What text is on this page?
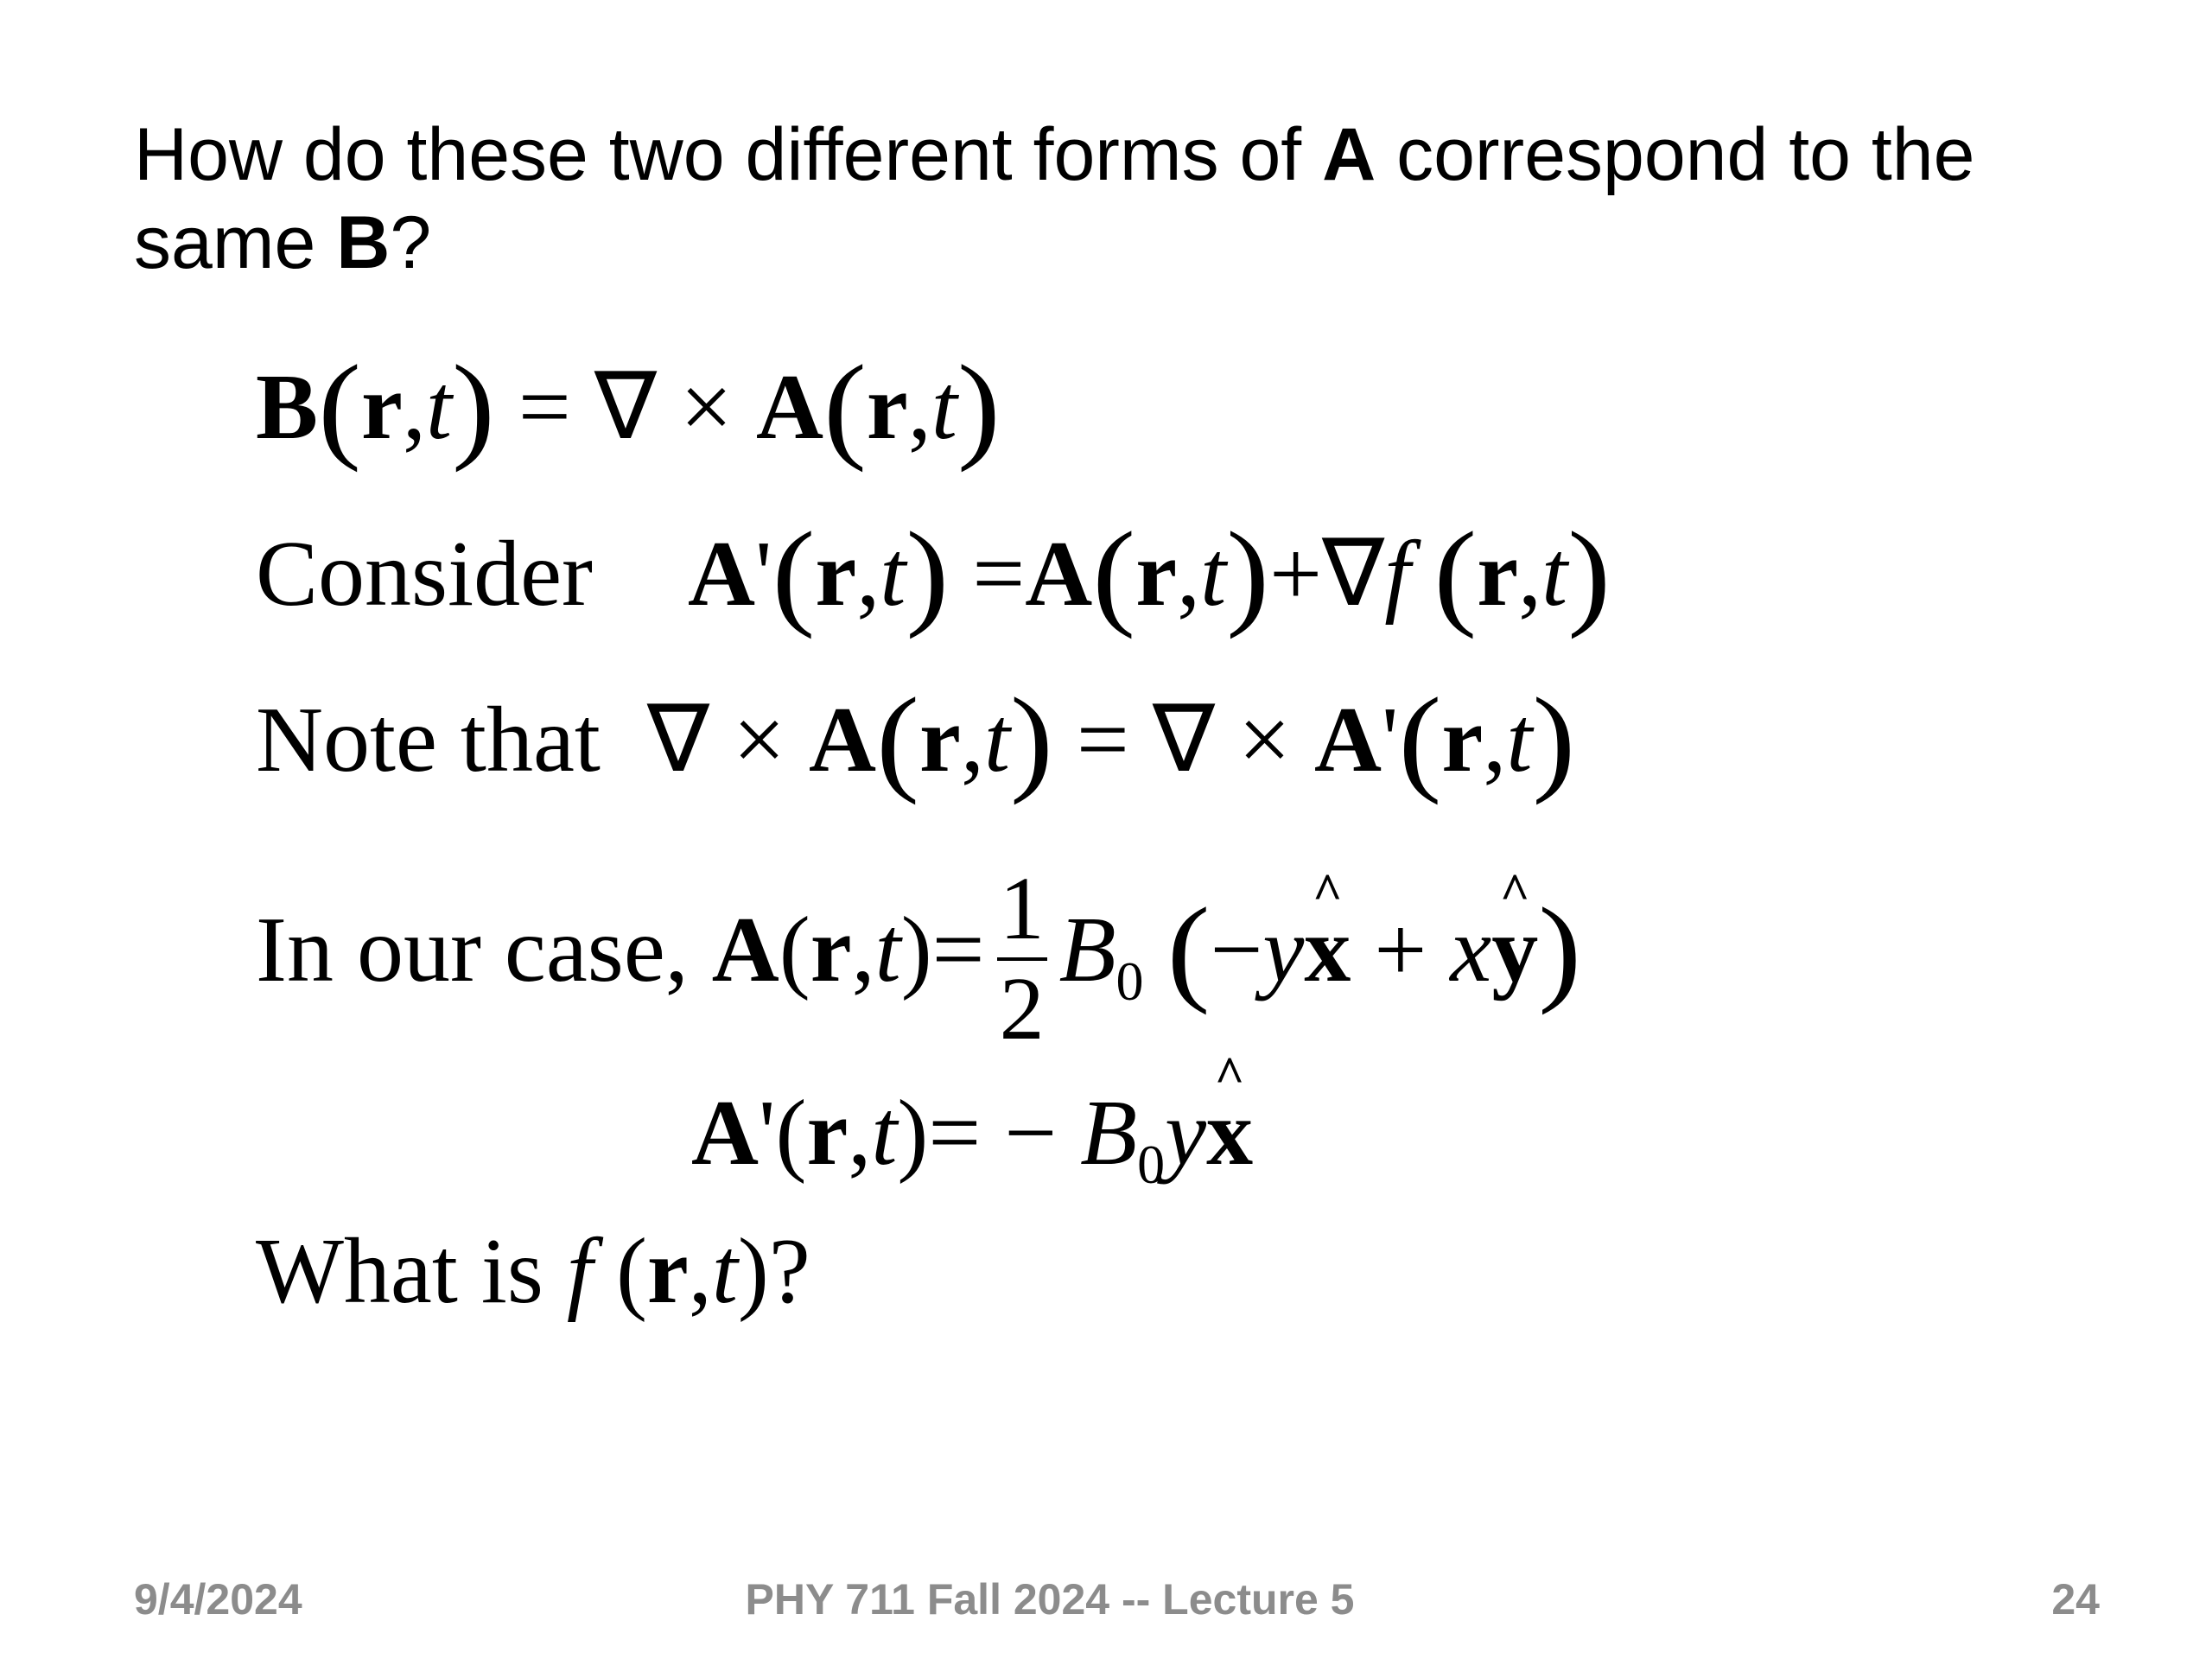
How do these two different forms of A correspond to the
same B?
B(r,t) = ∇ × A(r,t)
Consider A'(r,t) =A(r,t)+∇f (r,t)
Note that  ∇ × A(r,t) = ∇ × A'(r,t)
In our case, $A(r,t)= \frac{1}{2} B_0$ (−y^ x + x^ y)
$A'(r,t)= - B_0y\^{}$ x
What is f (r,t)?
9/4/2024	PHY 711 Fall 2024 -- Lecture 5	24
